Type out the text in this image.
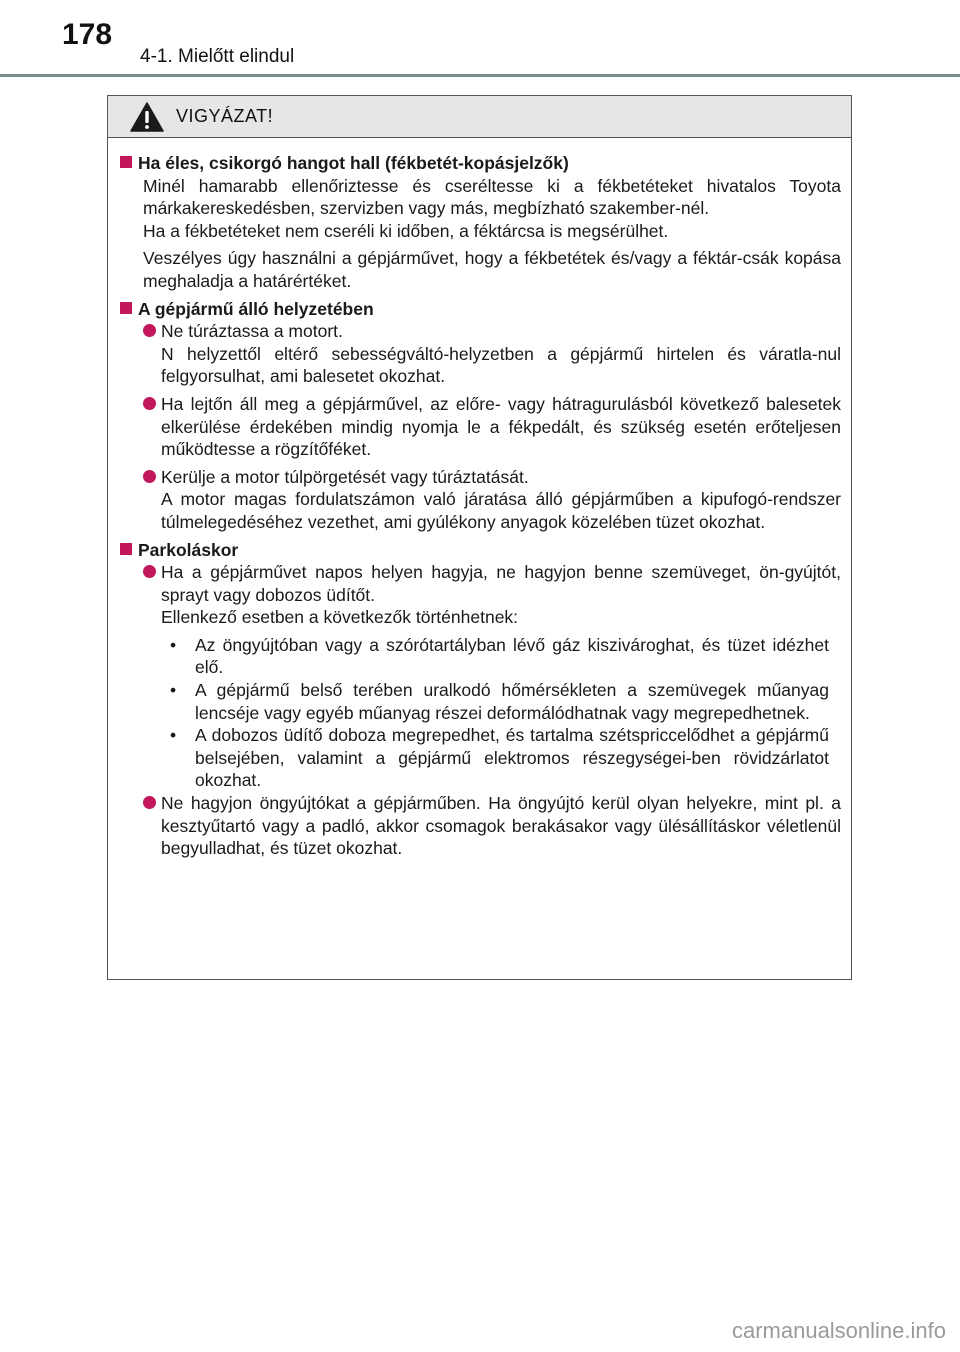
178
4-1. Mielőtt elindul
VIGYÁZAT!
Ha éles, csikorgó hangot hall (fékbetét-kopásjelzők)
Minél hamarabb ellenőriztesse és cseréltesse ki a fékbetéteket hivatalos Toyota márkakereskedésben, szervizben vagy más, megbízható szakember-nél.
Ha a fékbetéteket nem cseréli ki időben, a féktárcsa is megsérülhet.
Veszélyes úgy használni a gépjárművet, hogy a fékbetétek és/vagy a féktár-csák kopása meghaladja a határértéket.
A gépjármű álló helyzetében
Ne túráztassa a motort.
N helyzettől eltérő sebességváltó-helyzetben a gépjármű hirtelen és váratla-nul felgyorsulhat, ami balesetet okozhat.
Ha lejtőn áll meg a gépjárművel, az előre- vagy hátragurulásból következő balesetek elkerülése érdekében mindig nyomja le a fékpedált, és szükség esetén erőteljesen működtesse a rögzítőféket.
Kerülje a motor túlpörgetését vagy túráztatását.
A motor magas fordulatszámon való járatása álló gépjárműben a kipufogó-rendszer túlmelegedéséhez vezethet, ami gyúlékony anyagok közelében tüzet okozhat.
Parkoláskor
Ha a gépjárművet napos helyen hagyja, ne hagyjon benne szemüveget, ön-gyújtót, sprayt vagy dobozos üdítőt.
Ellenkező esetben a következők történhetnek:
•	Az öngyújtóban vagy a szórótartályban lévő gáz kiszivároghat, és tüzet idézhet elő.
•	A gépjármű belső terében uralkodó hőmérsékleten a szemüvegek műanyag lencséje vagy egyéb műanyag részei deformálódhatnak vagy megrepedhetnek.
•	A dobozos üdítő doboza megrepedhet, és tartalma szétspriccelődhet a gépjármű belsejében, valamint a gépjármű elektromos részegységei-ben rövidzárlatot okozhat.
Ne hagyjon öngyújtókat a gépjárműben. Ha öngyújtó kerül olyan helyekre, mint pl. a kesztyűtartó vagy a padló, akkor csomagok berakásakor vagy ülésállításkor véletlenül begyulladhat, és tüzet okozhat.
carmanualsonline.info
